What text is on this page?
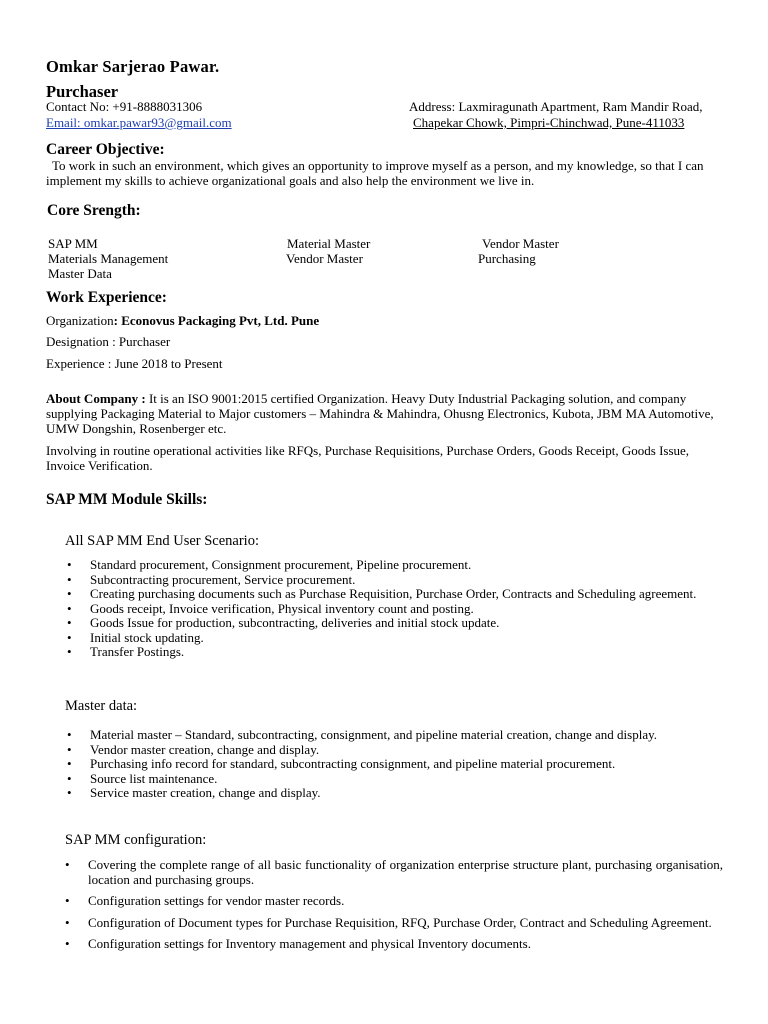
Omkar Sarjerao Pawar.
Purchaser
Contact No: +91-8888031306
Email: omkar.pawar93@gmail.com
Address: Laxmiragunath Apartment, Ram Mandir Road,
Chapekar Chowk, Pimpri-Chinchwad, Pune-411033
Career Objective:
To work in such an environment, which gives an opportunity to improve myself as a person, and my knowledge, so that I can implement my skills to achieve organizational goals and also help the environment we live in.
Core Srength:
SAP MM	Material Master	Vendor Master
Materials Management	Vendor Master	Purchasing
Master Data
Work Experience:
Organization: Econovus Packaging Pvt, Ltd. Pune
Designation : Purchaser
Experience : June 2018 to Present
About Company : It is an ISO 9001:2015 certified Organization. Heavy Duty Industrial Packaging solution, and company supplying Packaging Material to Major customers – Mahindra & Mahindra, Ohusng Electronics, Kubota, JBM MA Automotive, UMW Dongshin, Rosenberger etc.
Involving in routine operational activities like RFQs, Purchase Requisitions, Purchase Orders, Goods Receipt, Goods Issue, Invoice Verification.
SAP MM Module Skills:
All SAP MM End User Scenario:
• Standard procurement, Consignment procurement, Pipeline procurement.
• Subcontracting procurement, Service procurement.
• Creating purchasing documents such as Purchase Requisition, Purchase Order, Contracts and Scheduling agreement.
• Goods receipt, Invoice verification, Physical inventory count and posting.
• Goods Issue for production, subcontracting, deliveries and initial stock update.
• Initial stock updating.
• Transfer Postings.
Master data:
• Material master – Standard, subcontracting, consignment, and pipeline material creation, change and display.
• Vendor master creation, change and display.
• Purchasing info record for standard, subcontracting consignment, and pipeline material procurement.
• Source list maintenance.
• Service master creation, change and display.
SAP MM configuration:
• Covering the complete range of all basic functionality of organization enterprise structure plant, purchasing organisation, location and purchasing groups.
• Configuration settings for vendor master records.
• Configuration of Document types for Purchase Requisition, RFQ, Purchase Order, Contract and Scheduling Agreement.
• Configuration settings for Inventory management and physical Inventory documents.
